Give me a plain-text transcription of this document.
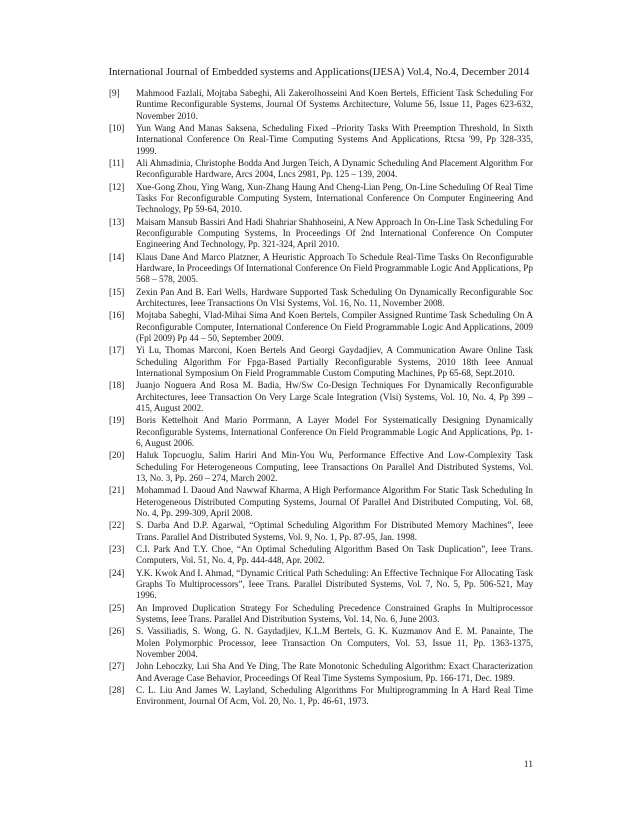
International Journal of Embedded systems and Applications(IJESA) Vol.4, No.4, December 2014
[9] Mahmood Fazlali, Mojtaba Sabeghi, Ali Zakerolhosseini And Koen Bertels, Efficient Task Scheduling For Runtime Reconfigurable Systems, Journal Of Systems Architecture, Volume 56, Issue 11, Pages 623-632, November 2010.
[10] Yun Wang And Manas Saksena, Scheduling Fixed –Priority Tasks With Preemption Threshold, In Sixth International Conference On Real-Time Computing Systems And Applications, Rtcsa '99, Pp 328-335, 1999.
[11] Ali Ahmadinia, Christophe Bodda And Jurgen Teich, A Dynamic Scheduling And Placement Algorithm For Reconfigurable Hardware, Arcs 2004, Lncs 2981, Pp. 125 – 139, 2004.
[12] Xue-Gong Zhou, Ying Wang, Xun-Zhang Haung And Cheng-Lian Peng, On-Line Scheduling Of Real Time Tasks For Reconfigurable Computing System, International Conference On Computer Engineering And Technology, Pp 59-64, 2010.
[13] Maisam Mansub Bassiri And Hadi Shahriar Shahhoseini, A New Approach In On-Line Task Scheduling For Reconfigurable Computing Systems, In Proceedings Of 2nd International Conference On Computer Engineering And Technology, Pp. 321-324, April 2010.
[14] Klaus Dane And Marco Platzner, A Heuristic Approach To Schedule Real-Time Tasks On Reconfigurable Hardware, In Proceedings Of International Conference On Field Programmable Logic And Applications, Pp 568 – 578, 2005.
[15] Zexin Pan And B. Earl Wells, Hardware Supported Task Scheduling On Dynamically Reconfigurable Soc Architectures, Ieee Transactions On Vlsi Systems, Vol. 16, No. 11, November 2008.
[16] Mojtaba Sabeghi, Vlad-Mihai Sima And Koen Bertels, Compiler Assigned Runtime Task Scheduling On A Reconfigurable Computer, International Conference On Field Programmable Logic And Applications, 2009 (Fpl 2009) Pp 44 – 50, September 2009.
[17] Yi Lu, Thomas Marconi, Koen Bertels And Georgi Gaydadjiev, A Communication Aware Online Task Scheduling Algorithm For Fpga-Based Partially Reconfigurable Systems, 2010 18th Ieee Annual International Symposium On Field Programmable Custom Computing Machines, Pp 65-68, Sept.2010.
[18] Juanjo Noguera And Rosa M. Badia, Hw/Sw Co-Design Techniques For Dynamically Reconfigurable Architectures, Ieee Transaction On Very Large Scale Integration (Vlsi) Systems, Vol. 10, No. 4, Pp 399 – 415, August 2002.
[19] Boris Kettelhoit And Mario Porrmann, A Layer Model For Systematically Designing Dynamically Reconfigurable Systems, International Conference On Field Programmable Logic And Applications, Pp. 1-6, August 2006.
[20] Haluk Topcuoglu, Salim Hariri And Min-You Wu, Performance Effective And Low-Complexity Task Scheduling For Heterogeneous Computing, Ieee Transactions On Parallel And Distributed Systems, Vol. 13, No. 3, Pp. 260 – 274, March 2002.
[21] Mohammad I. Daoud And Nawwaf Kharma, A High Performance Algorithm For Static Task Scheduling In Heterogeneous Distributed Computing Systems, Journal Of Parallel And Distributed Computing, Vol. 68, No. 4, Pp. 299-309, April 2008.
[22] S. Darba And D.P. Agarwal, “Optimal Scheduling Algorithm For Distributed Memory Machines”, Ieee Trans. Parallel And Distributed Systems, Vol. 9, No. 1, Pp. 87-95, Jan. 1998.
[23] C.I. Park And T.Y. Choe, “An Optimal Scheduling Algorithm Based On Task Duplication”, Ieee Trans. Computers, Vol. 51, No. 4, Pp. 444-448, Apr. 2002.
[24] Y.K. Kwok And I. Ahmad, “Dynamic Critical Path Scheduling: An Effective Technique For Allocating Task Graphs To Multiprocessors”, Ieee Trans. Parallel Distributed Systems, Vol. 7, No. 5, Pp. 506-521, May 1996.
[25] An Improved Duplication Strategy For Scheduling Precedence Constrained Graphs In Multiprocessor Systems, Ieee Trans. Parallel And Distribution Systems, Vol. 14, No. 6, June 2003.
[26] S. Vassiliadis, S. Wong, G. N. Gaydadjiev, K.L.M Bertels, G. K. Kuzmanov And E. M. Panainte, The Molen Polymorphic Processor, Ieee Transaction On Computers, Vol. 53, Issue 11, Pp. 1363-1375, November 2004.
[27] John Lehoczky, Lui Sha And Ye Ding, The Rate Monotonic Scheduling Algorithm: Exact Characterization And Average Case Behavior, Proceedings Of Real Time Systems Symposium, Pp. 166-171, Dec. 1989.
[28] C. L. Liu And James W. Layland, Scheduling Algorithms For Multiprogramming In A Hard Real Time Environment, Journal Of Acm, Vol. 20, No. 1, Pp. 46-61, 1973.
11
